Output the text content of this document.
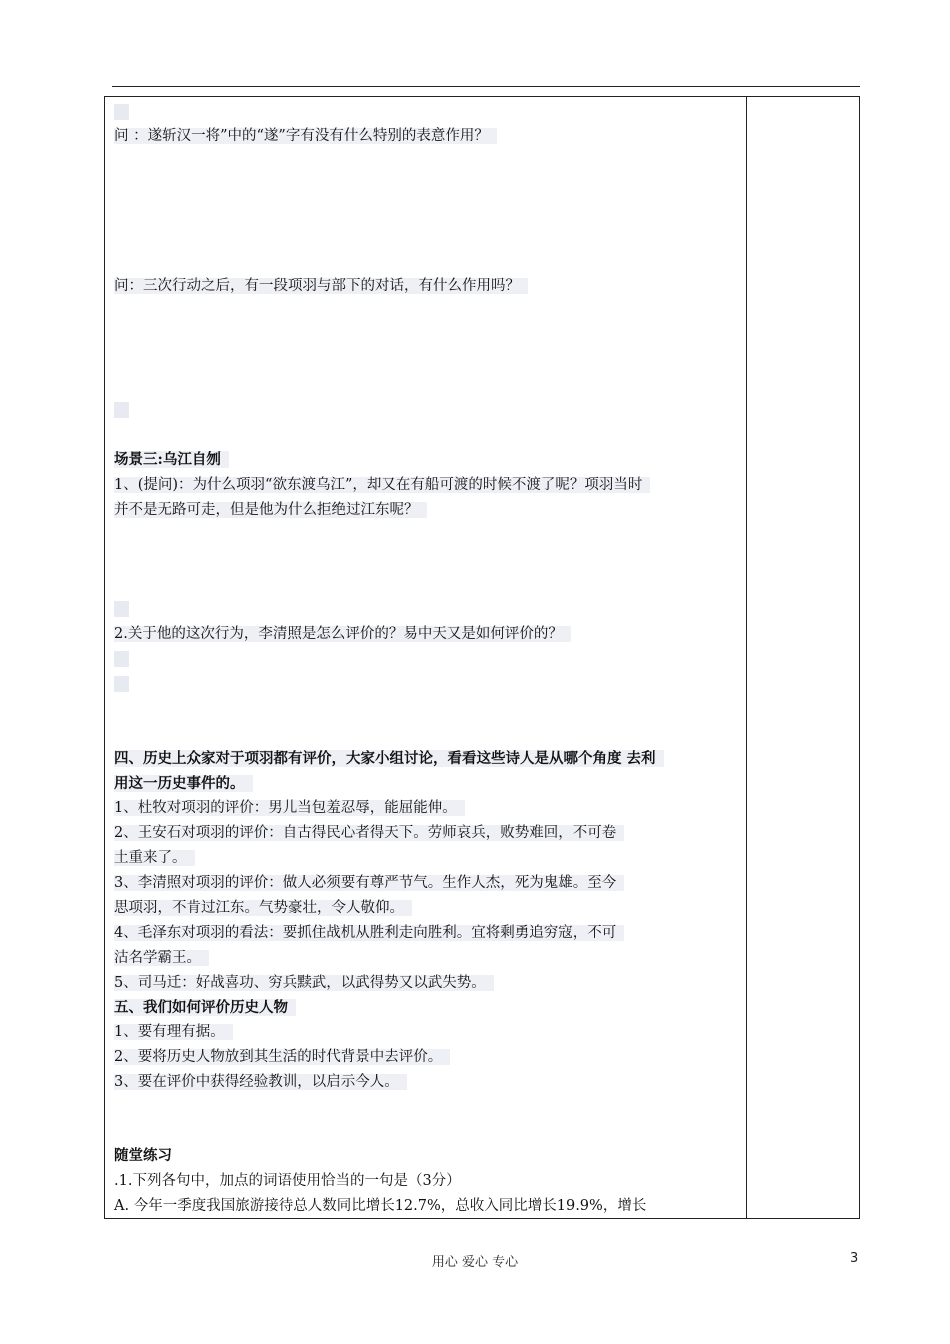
问 ：遂斩汉一将”中的“遂”字有没有什么特别的表意作用？
问：三次行动之后，有一段项羽与部下的对话，有什么作用吗？
场景三:乌江自刎
1、(提问)：为什么项羽“欲东渡乌江”，却又在有船可渡的时候不渡了呢？项羽当时
并不是无路可走，但是他为什么拒绝过江东呢？
2.关于他的这次行为，李清照是怎么评价的？易中天又是如何评价的？
四、历史上众家对于项羽都有评价，大家小组讨论，看看这些诗人是从哪个角度 去利
用这一历史事件的。
1、杜牧对项羽的评价：男儿当包羞忍辱，能屈能伸。
2、王安石对项羽的评价：自古得民心者得天下。劳师哀兵，败势难回，不可卷
土重来了。
3、李清照对项羽的评价：做人必须要有尊严节气。生作人杰，死为鬼雄。至今
思项羽，不肯过江东。气势豪壮，令人敬仰。
4、毛泽东对项羽的看法：要抓住战机从胜利走向胜利。宜将剩勇追穷寇，不可
沽名学霸王。
5、司马迁：好战喜功、穷兵黩武，以武得势又以武失势。
五、我们如何评价历史人物
1、要有理有据。
2、要将历史人物放到其生活的时代背景中去评价。
3、要在评价中获得经验教训，以启示今人。
随堂练习
.1.下列各句中，加点的词语使用恰当的一句是（3分）
A. 今年一季度我国旅游接待总人数同比增长12.7%，总收入同比增长19.9%，增长
用心 爱心 专心	3
